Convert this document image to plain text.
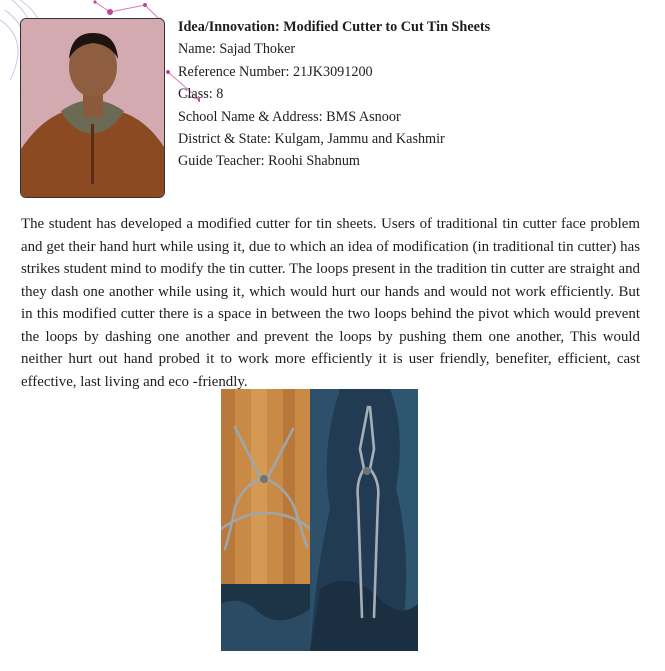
Idea/Innovation: Modified Cutter to Cut Tin Sheets
Name: Sajad Thoker
Reference Number: 21JK3091200
Class: 8
School Name & Address: BMS Asnoor
District & State: Kulgam, Jammu and Kashmir
Guide Teacher: Roohi Shabnum

The student has developed a modified cutter for tin sheets. Users of traditional tin cutter face problem and get their hand hurt while using it, due to which an idea of modification (in traditional tin cutter) has strikes student mind to modify the tin cutter. The loops present in the tradition tin cutter are straight and they dash one another while using it, which would hurt our hands and would not work efficiently. But in this modified cutter there is a space in between the two loops behind the pivot which would prevent the loops by dashing one another and prevent the loops by pushing them one another, This would neither hurt out hand probed it to work more efficiently it is user friendly, benefiter, efficient, cast effective, last living and eco -friendly.
